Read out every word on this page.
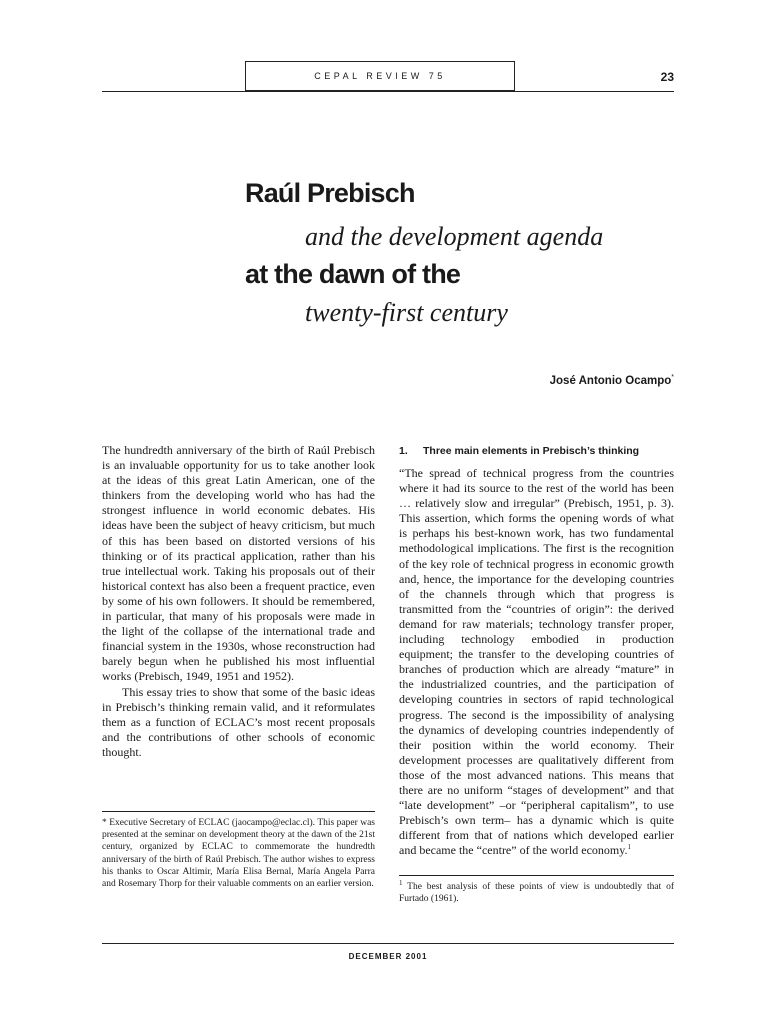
CEPAL REVIEW 75	23
Raúl Prebisch
and the development agenda
at the dawn of the
twenty-first century
José Antonio Ocampo*

The hundredth anniversary of the birth of Raúl Prebisch is an invaluable opportunity for us to take another look at the ideas of this great Latin American, one of the thinkers from the developing world who has had the strongest influence in world economic debates. His ideas have been the subject of heavy criticism, but much of this has been based on distorted versions of his thinking or of its practical application, rather than his true intellectual work. Taking his proposals out of their historical context has also been a frequent practice, even by some of his own followers. It should be remembered, in particular, that many of his proposals were made in the light of the collapse of the international trade and financial system in the 1930s, whose reconstruction had barely begun when he published his most influential works (Prebisch, 1949, 1951 and 1952).

This essay tries to show that some of the basic ideas in Prebisch’s thinking remain valid, and it reformulates them as a function of ECLAC’s most recent proposals and the contributions of other schools of economic thought.

* Executive Secretary of ECLAC (jaocampo@eclac.cl). This paper was presented at the seminar on development theory at the dawn of the 21st century, organized by ECLAC to commemorate the hundredth anniversary of the birth of Raúl Prebisch. The author wishes to express his thanks to Oscar Altimir, María Elisa Bernal, María Angela Parra and Rosemary Thorp for their valuable comments on an earlier version.
1. Three main elements in Prebisch’s thinking

“The spread of technical progress from the countries where it had its source to the rest of the world has been … relatively slow and irregular” (Prebisch, 1951, p. 3). This assertion, which forms the opening words of what is perhaps his best-known work, has two fundamental methodological implications. The first is the recognition of the key role of technical progress in economic growth and, hence, the importance for the developing countries of the channels through which that progress is transmitted from the “countries of origin”: the derived demand for raw materials; technology transfer proper, including technology embodied in production equipment; the transfer to the developing countries of branches of production which are already “mature” in the industrialized countries, and the participation of developing countries in sectors of rapid technological progress. The second is the impossibility of analysing the dynamics of developing countries independently of their position within the world economy. Their development processes are qualitatively different from those of the most advanced nations. This means that there are no uniform “stages of development” and that “late development” –or “peripheral capitalism”, to use Prebisch’s own term– has a dynamic which is quite different from that of nations which developed earlier and became the “centre” of the world economy.$^1$

$^1$ The best analysis of these points of view is undoubtedly that of Furtado (1961).
DECEMBER 2001
